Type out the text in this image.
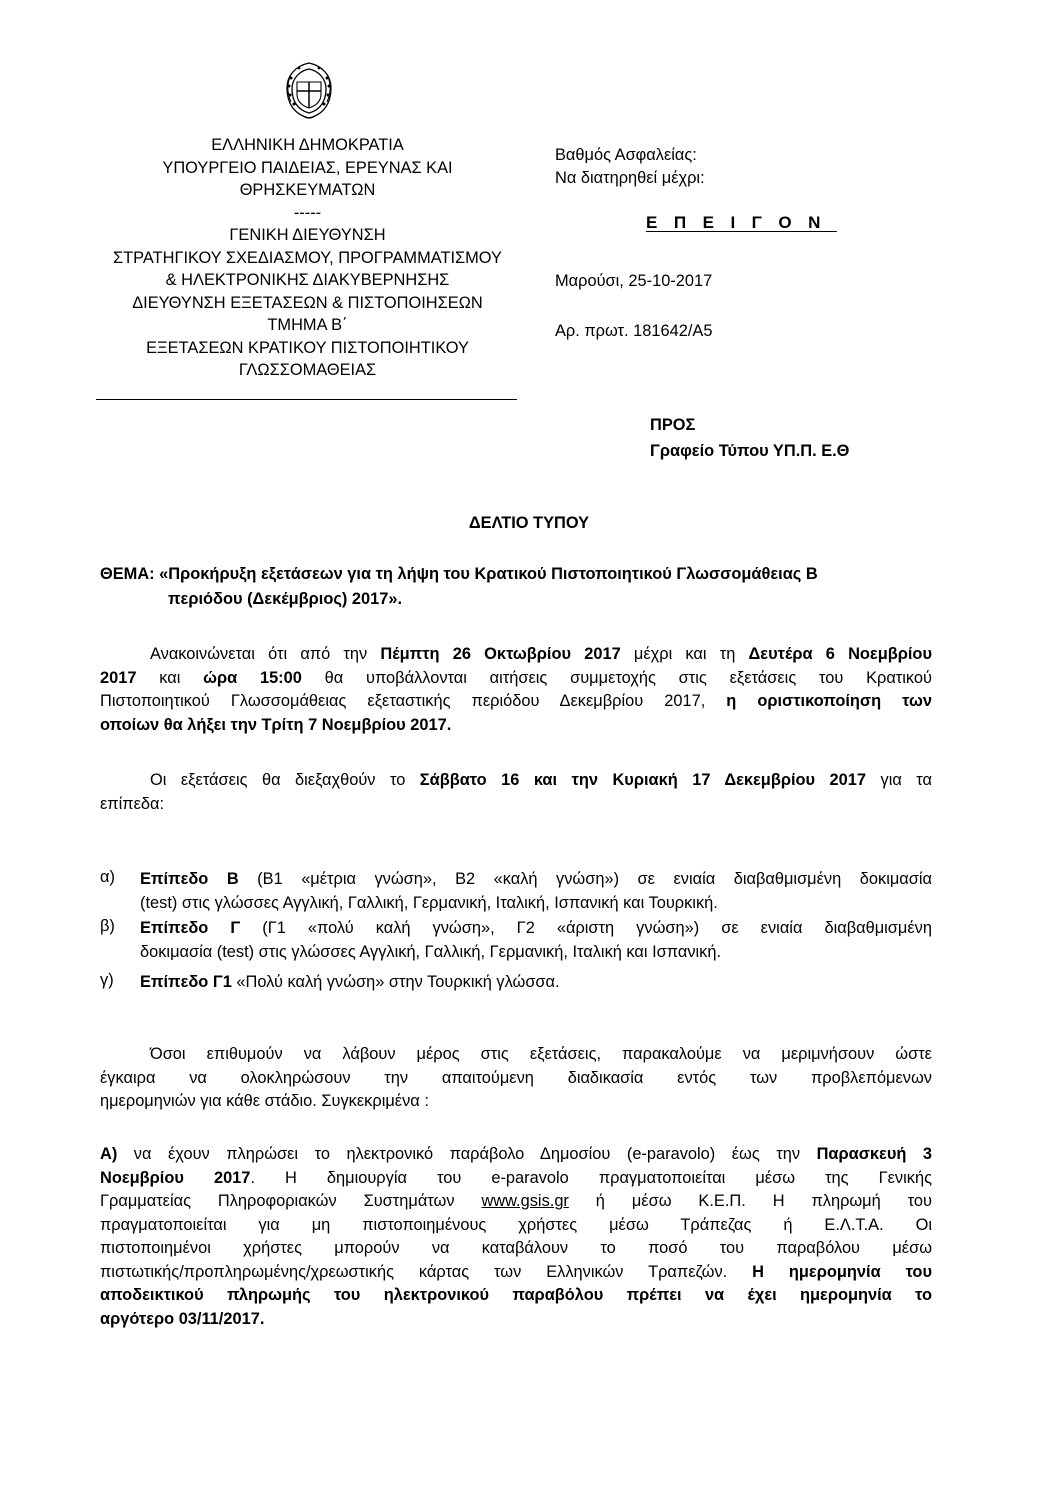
ΕΛΛΗΝΙΚΗ ΔΗΜΟΚΡΑΤΙΑ
ΥΠΟΥΡΓΕΙΟ ΠΑΙΔΕΙΑΣ, ΕΡΕΥΝΑΣ ΚΑΙ
ΘΡΗΣΚΕΥΜΑΤΩΝ
-----
ΓΕΝΙΚΗ ΔΙΕΥΘΥΝΣΗ
ΣΤΡΑΤΗΓΙΚΟΥ ΣΧΕΔΙΑΣΜΟΥ, ΠΡΟΓΡΑΜΜΑΤΙΣΜΟΥ
& ΗΛΕΚΤΡΟΝΙΚΗΣ ΔΙΑΚΥΒΕΡΝΗΣΗΣ
ΔΙΕΥΘΥΝΣΗ ΕΞΕΤΑΣΕΩΝ & ΠΙΣΤΟΠΟΙΗΣΕΩΝ
ΤΜΗΜΑ Β΄
ΕΞΕΤΑΣΕΩΝ ΚΡΑΤΙΚΟΥ ΠΙΣΤΟΠΟΙΗΤΙΚΟΥ
ΓΛΩΣΣΟΜΑΘΕΙΑΣ
Βαθμός Ασφαλείας:
Να διατηρηθεί μέχρι:
ΕΠΕΙΓΟΝ
Μαρούσι, 25-10-2017
Αρ. πρωτ. 181642/Α5
ΠΡΟΣ
Γραφείο Τύπου ΥΠ.Π. Ε.Θ
ΔΕΛΤΙΟ ΤΥΠΟΥ
ΘΕΜΑ: «Προκήρυξη εξετάσεων για τη λήψη του Κρατικού Πιστοποιητικού Γλωσσομάθειας Β
περιόδου (Δεκέμβριος) 2017».
Ανακοινώνεται ότι από την Πέμπτη 26 Οκτωβρίου 2017 μέχρι και τη Δευτέρα 6 Νοεμβρίου
2017 και ώρα 15:00 θα υποβάλλονται αιτήσεις συμμετοχής στις εξετάσεις του Κρατικού
Πιστοποιητικού Γλωσσομάθειας εξεταστικής περιόδου Δεκεμβρίου 2017, η οριστικοποίηση των
οποίων θα λήξει την Τρίτη 7 Νοεμβρίου 2017.
Οι εξετάσεις θα διεξαχθούν το Σάββατο 16 και την Κυριακή 17 Δεκεμβρίου 2017 για τα
επίπεδα:
α) Επίπεδο Β (Β1 «μέτρια γνώση», Β2 «καλή γνώση») σε ενιαία διαβαθμισμένη δοκιμασία
(test) στις γλώσσες Αγγλική, Γαλλική, Γερμανική, Ιταλική, Ισπανική και Τουρκική.
β) Επίπεδο Γ (Γ1 «πολύ καλή γνώση», Γ2 «άριστη γνώση») σε ενιαία διαβαθμισμένη
δοκιμασία (test) στις γλώσσες Αγγλική, Γαλλική, Γερμανική, Ιταλική και Ισπανική.
γ) Επίπεδο Γ1 «Πολύ καλή γνώση» στην Τουρκική γλώσσα.
Όσοι επιθυμούν να λάβουν μέρος στις εξετάσεις, παρακαλούμε να μεριμνήσουν ώστε
έγκαιρα να ολοκληρώσουν την απαιτούμενη διαδικασία εντός των προβλεπόμενων
ημερομηνιών για κάθε στάδιο. Συγκεκριμένα :
Α) να έχουν πληρώσει το ηλεκτρονικό παράβολο Δημοσίου (e-paravolo) έως την Παρασκευή 3
Νοεμβρίου 2017. Η δημιουργία του e-paravolo πραγματοποιείται μέσω της Γενικής
Γραμματείας Πληροφοριακών Συστημάτων www.gsis.gr ή μέσω Κ.Ε.Π. Η πληρωμή του
πραγματοποιείται για μη πιστοποιημένους χρήστες μέσω Τράπεζας ή Ε.Λ.Τ.Α. Οι
πιστοποιημένοι χρήστες μπορούν να καταβάλουν το ποσό του παραβόλου μέσω
πιστωτικής/προπληρωμένης/χρεωστικής κάρτας των Ελληνικών Τραπεζών. Η ημερομηνία του
αποδεικτικού πληρωμής του ηλεκτρονικού παραβόλου πρέπει να έχει ημερομηνία το
αργότερο 03/11/2017.
